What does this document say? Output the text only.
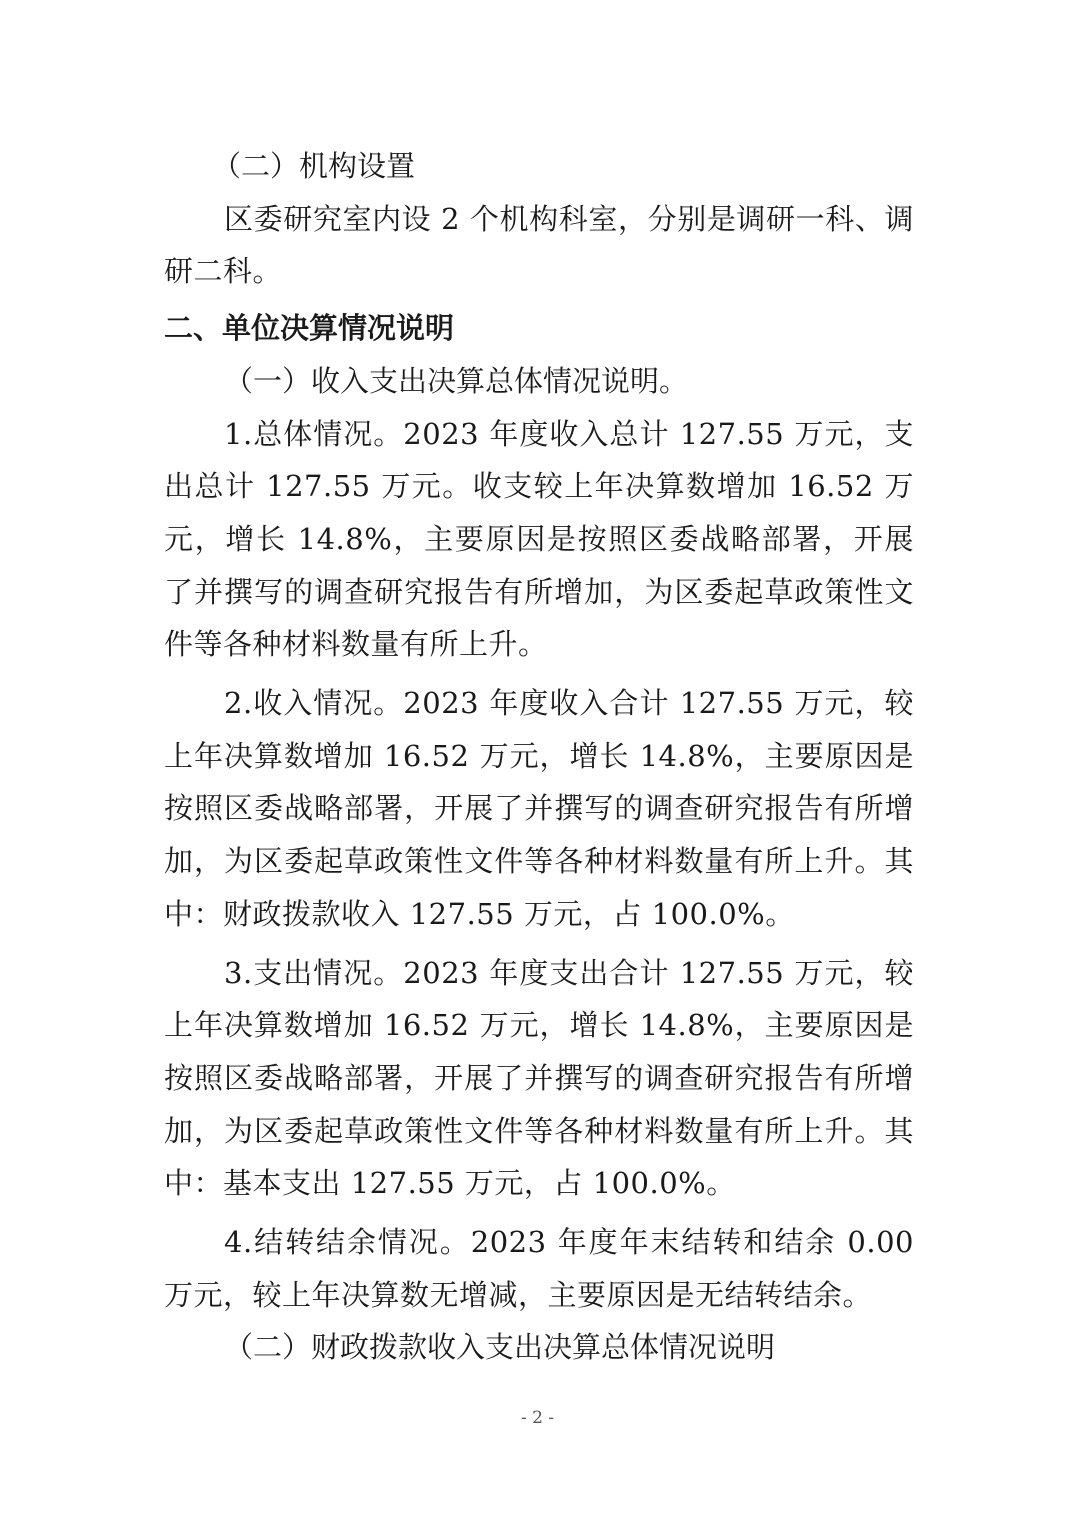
（二）机构设置

区委研究室内设 2 个机构科室，分别是调研一科、调研二科。

二、单位决算情况说明

（一）收入支出决算总体情况说明。

1.总体情况。2023 年度收入总计 127.55 万元，支出总计 127.55 万元。收支较上年决算数增加 16.52 万元，增长 14.8%，主要原因是按照区委战略部署，开展了并撰写的调查研究报告有所增加，为区委起草政策性文件等各种材料数量有所上升。

2.收入情况。2023 年度收入合计 127.55 万元，较上年决算数增加 16.52 万元，增长 14.8%，主要原因是按照区委战略部署，开展了并撰写的调查研究报告有所增加，为区委起草政策性文件等各种材料数量有所上升。其中：财政拨款收入 127.55 万元，占 100.0%。

3.支出情况。2023 年度支出合计 127.55 万元，较上年决算数增加 16.52 万元，增长 14.8%，主要原因是按照区委战略部署，开展了并撰写的调查研究报告有所增加，为区委起草政策性文件等各种材料数量有所上升。其中：基本支出 127.55 万元，占 100.0%。

4.结转结余情况。2023 年度年末结转和结余 0.00 万元，较上年决算数无增减，主要原因是无结转结余。

（二）财政拨款收入支出决算总体情况说明

- 2 -
